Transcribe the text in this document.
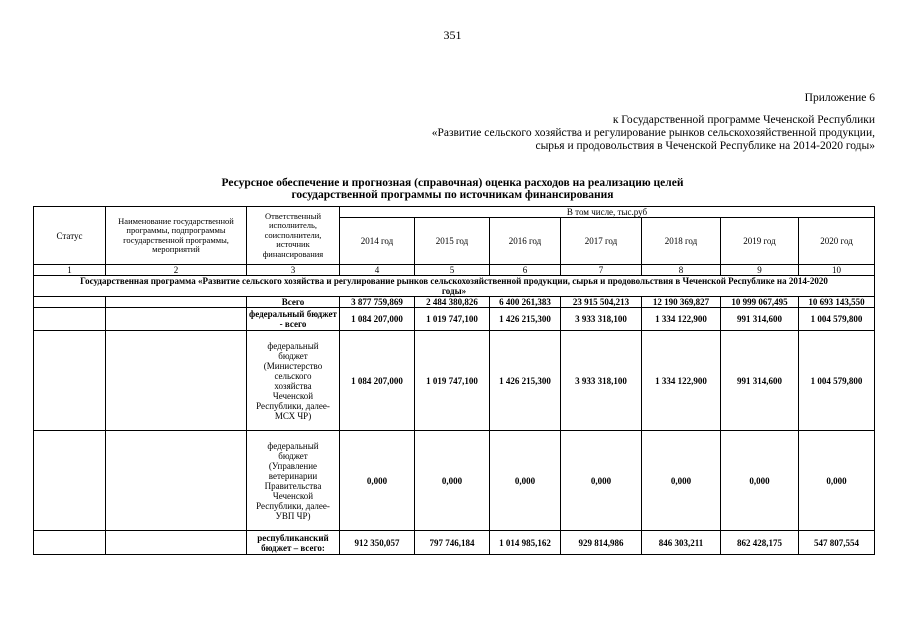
351
Приложение 6
к Государственной программе Чеченской Республики
«Развитие сельского хозяйства и регулирование рынков сельскохозяйственной продукции,
сырья и продовольствия в Чеченской Республике на 2014-2020 годы»
Ресурсное обеспечение и прогнозная (справочная) оценка расходов на реализацию целей
государственной программы по источникам финансирования
Статус	Наименование государственной программы, подпрограммы государственной программы, мероприятий	Ответственный исполнитель, соисполнители, источник финансирования	В том числе, тыс.руб						
			2014 год	2015 год	2016 год	2017 год	2018 год	2019 год	2020 год
1	2	3	4	5	6	7	8	9	10
Государственная программа «Развитие сельского хозяйства и регулирование рынков сельскохозяйственной продукции, сырья и продовольствия в Чеченской Республике на 2014-2020 годы»									
		Всего	3 877 759,869	2 484 380,826	6 400 261,383	23 915 504,213	12 190 369,827	10 999 067,495	10 693 143,550
		федеральный бюджет - всего	1 084 207,000	1 019 747,100	1 426 215,300	3 933 318,100	1 334 122,900	991 314,600	1 004 579,800
		федеральный бюджет (Министерство сельского хозяйства Чеченской Республики, далее-МСХ ЧР)	1 084 207,000	1 019 747,100	1 426 215,300	3 933 318,100	1 334 122,900	991 314,600	1 004 579,800
		федеральный бюджет (Управление ветеринарии Правительства Чеченской Республики, далее-УВП ЧР)	0,000	0,000	0,000	0,000	0,000	0,000	0,000
		республиканский бюджет – всего:	912 350,057	797 746,184	1 014 985,162	929 814,986	846 303,211	862 428,175	547 807,554
